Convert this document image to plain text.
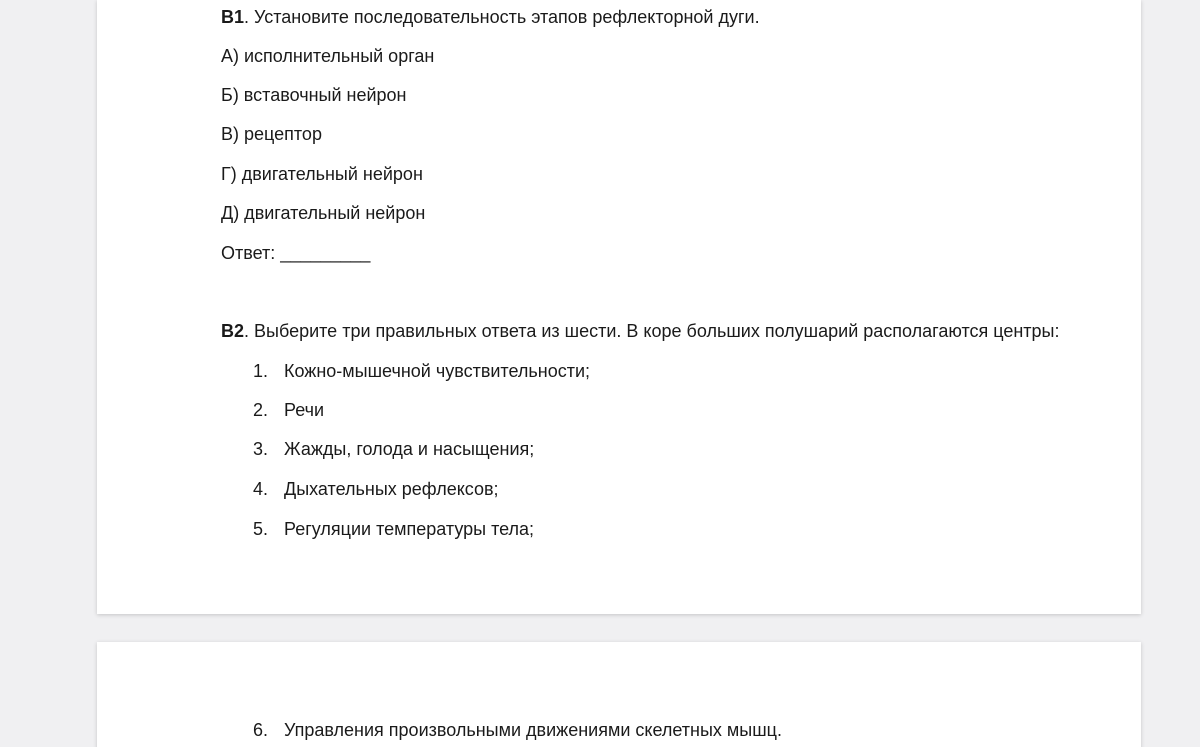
В1. Установите последовательность этапов рефлекторной дуги.
А) исполнительный орган
Б) вставочный нейрон
В) рецептор
Г) двигательный нейрон
Д) двигательный нейрон
Ответ: _________
В2. Выберите три правильных ответа из шести. В коре больших полушарий располагаются центры:
1. Кожно-мышечной чувствительности;
2. Речи
3. Жажды, голода и насыщения;
4. Дыхательных рефлексов;
5. Регуляции температуры тела;
6. Управления произвольными движениями скелетных мышц.
